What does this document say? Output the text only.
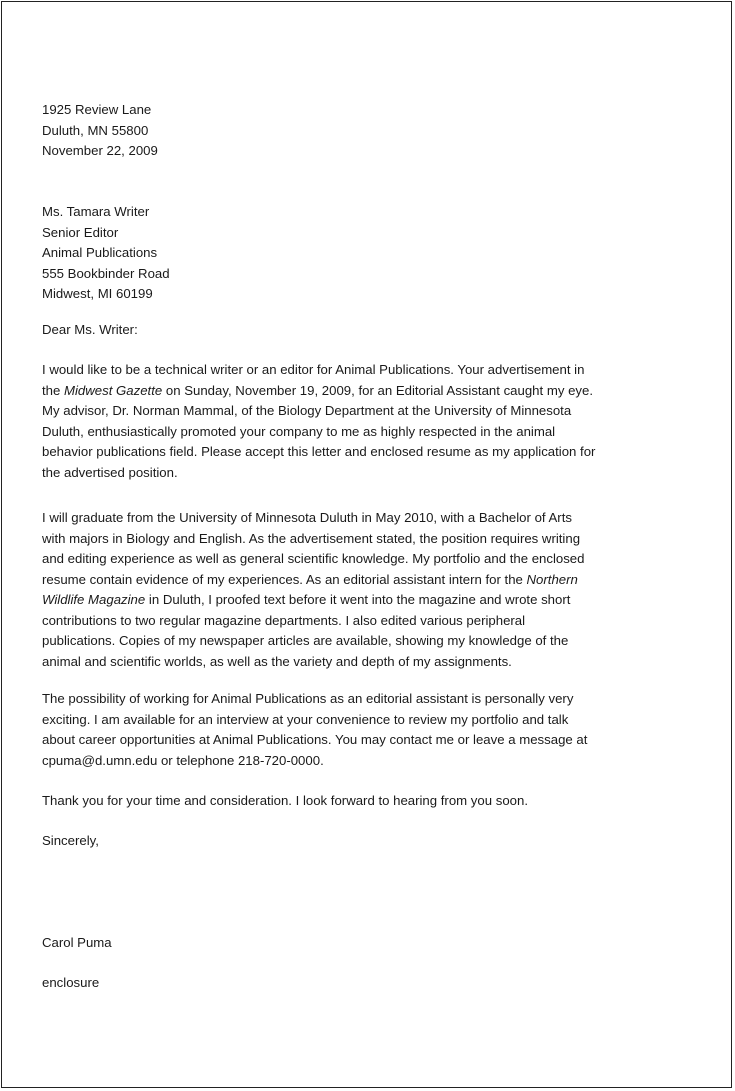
1925 Review Lane
Duluth, MN 55800
November 22, 2009
Ms. Tamara Writer
Senior Editor
Animal Publications
555 Bookbinder Road
Midwest, MI 60199
Dear Ms. Writer:
I would like to be a technical writer or an editor for Animal Publications. Your advertisement in
the Midwest Gazette on Sunday, November 19, 2009, for an Editorial Assistant caught my eye.
My advisor, Dr. Norman Mammal, of the Biology Department at the University of Minnesota
Duluth, enthusiastically promoted your company to me as highly respected in the animal
behavior publications field. Please accept this letter and enclosed resume as my application for
the advertised position.
I will graduate from the University of Minnesota Duluth in May 2010, with a Bachelor of Arts
with majors in Biology and English. As the advertisement stated, the position requires writing
and editing experience as well as general scientific knowledge. My portfolio and the enclosed
resume contain evidence of my experiences. As an editorial assistant intern for the Northern
Wildlife Magazine in Duluth, I proofed text before it went into the magazine and wrote short
contributions to two regular magazine departments. I also edited various peripheral
publications. Copies of my newspaper articles are available, showing my knowledge of the
animal and scientific worlds, as well as the variety and depth of my assignments.
The possibility of working for Animal Publications as an editorial assistant is personally very
exciting. I am available for an interview at your convenience to review my portfolio and talk
about career opportunities at Animal Publications. You may contact me or leave a message at
cpuma@d.umn.edu or telephone 218-720-0000.
Thank you for your time and consideration. I look forward to hearing from you soon.
Sincerely,
Carol Puma
enclosure
